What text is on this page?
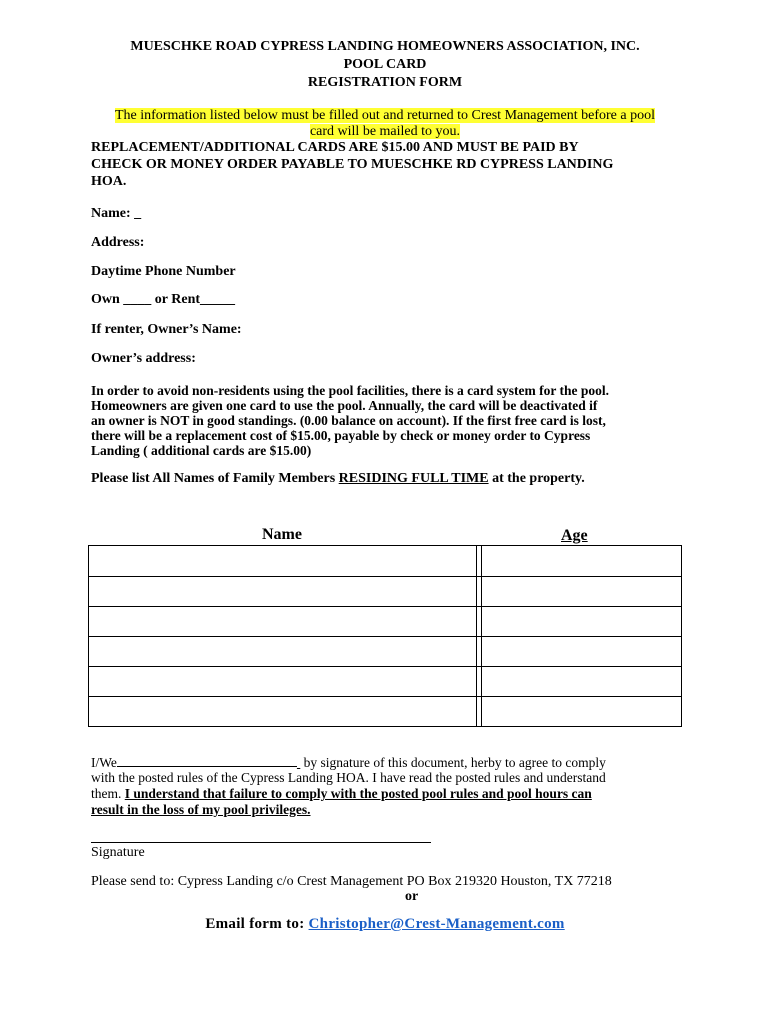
MUESCHKE ROAD CYPRESS LANDING HOMEOWNERS ASSOCIATION, INC.
POOL CARD
REGISTRATION FORM
The information listed below must be filled out and returned to Crest Management before a pool
card will be mailed to you.
REPLACEMENT/ADDITIONAL CARDS ARE $15.00 AND MUST BE PAID BY
CHECK OR MONEY ORDER PAYABLE TO MUESCHKE RD CYPRESS LANDING
HOA.
Name: _
Address:
Daytime Phone Number
Own ____ or Rent_____
If renter, Owner’s Name:
Owner’s address:
In order to avoid non-residents using the pool facilities, there is a card system for the pool.
Homeowners are given one card to use the pool. Annually, the card will be deactivated if
an owner is NOT in good standings. (0.00 balance on account). If the first free card is lost,
there will be a replacement cost of $15.00, payable by check or money order to Cypress
Landing ( additional cards are $15.00)
Please list All Names of Family Members RESIDING FULL TIME at the property.
Name	Age
I/We	by signature of this document, herby to agree to comply
with the posted rules of the Cypress Landing HOA. I have read the posted rules and understand
them. I understand that failure to comply with the posted pool rules and pool hours can
result in the loss of my pool privileges.
Signature
Please send to: Cypress Landing c/o Crest Management PO Box 219320 Houston, TX 77218
or
Email form to: Christopher@Crest-Management.com
